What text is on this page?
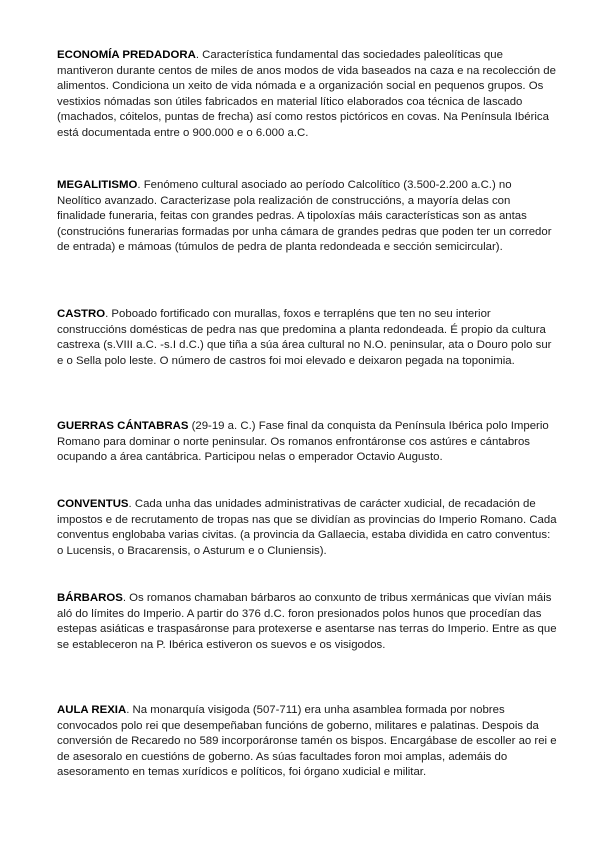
ECONOMÍA PREDADORA. Característica fundamental das sociedades paleolíticas que mantiveron durante centos de miles de anos modos de vida baseados na caza e na recolección de alimentos. Condiciona un xeito de vida nómada e a organización social en pequenos grupos. Os vestixios nómadas son útiles fabricados en material lítico elaborados coa técnica de lascado (machados, cóitelos, puntas de frecha) así como restos pictóricos en covas. Na Península Ibérica está documentada entre o 900.000 e o 6.000 a.C.

MEGALITISMO. Fenómeno cultural asociado ao período Calcolítico (3.500-2.200 a.C.) no Neolítico avanzado. Caracterizase pola realización de construccións, a mayoría delas con finalidade funeraria, feitas con grandes pedras. A tipoloxías máis características son as antas (construcións funerarias formadas por unha cámara de grandes pedras que poden ter un corredor de entrada) e mámoas (túmulos de pedra de planta redondeada e sección semicircular).

CASTRO. Poboado fortificado con murallas, foxos e terrapléns que ten no seu interior construccións domésticas de pedra nas que predomina a planta redondeada. É propio da cultura castrexa (s.VIII a.C. -s.I d.C.) que tiña a súa área cultural no N.O. peninsular, ata o Douro polo sur e o Sella polo leste. O número de castros foi moi elevado e deixaron pegada na toponimia.

GUERRAS CÁNTABRAS (29-19 a. C.) Fase final da conquista da Península Ibérica polo Imperio Romano para dominar o norte peninsular. Os romanos enfrontáronse cos astúres e cántabros ocupando a área cantábrica. Participou nelas o emperador Octavio Augusto.

CONVENTUS. Cada unha das unidades administrativas de carácter xudicial, de recadación de impostos e de recrutamento de tropas nas que se dividían as provincias do Imperio Romano. Cada conventus englobaba varias civitas. (a provincia da Gallaecia, estaba dividida en catro conventus: o Lucensis, o Bracarensis, o Asturum e o Cluniensis).

BÁRBAROS. Os romanos chamaban bárbaros ao conxunto de tribus xermánicas que vivían máis aló do límites do Imperio. A partir do 376 d.C. foron presionados polos hunos que procedían das estepas asiáticas e traspasáronse para protexerse e asentarse nas terras do Imperio. Entre as que se estableceron na P. Ibérica estiveron os suevos e os visigodos.

AULA REXIA. Na monarquía visigoda (507-711) era unha asamblea formada por nobres convocados polo rei que desempeñaban funcións de goberno, militares e palatinas. Despois da conversión de Recaredo no 589 incorporáronse tamén os bispos. Encargábase de escoller ao rei e de asesoralo en cuestións de goberno. As súas facultades foron moi amplas, ademáis do asesoramento en temas xurídicos e políticos, foi órgano xudicial e militar.
